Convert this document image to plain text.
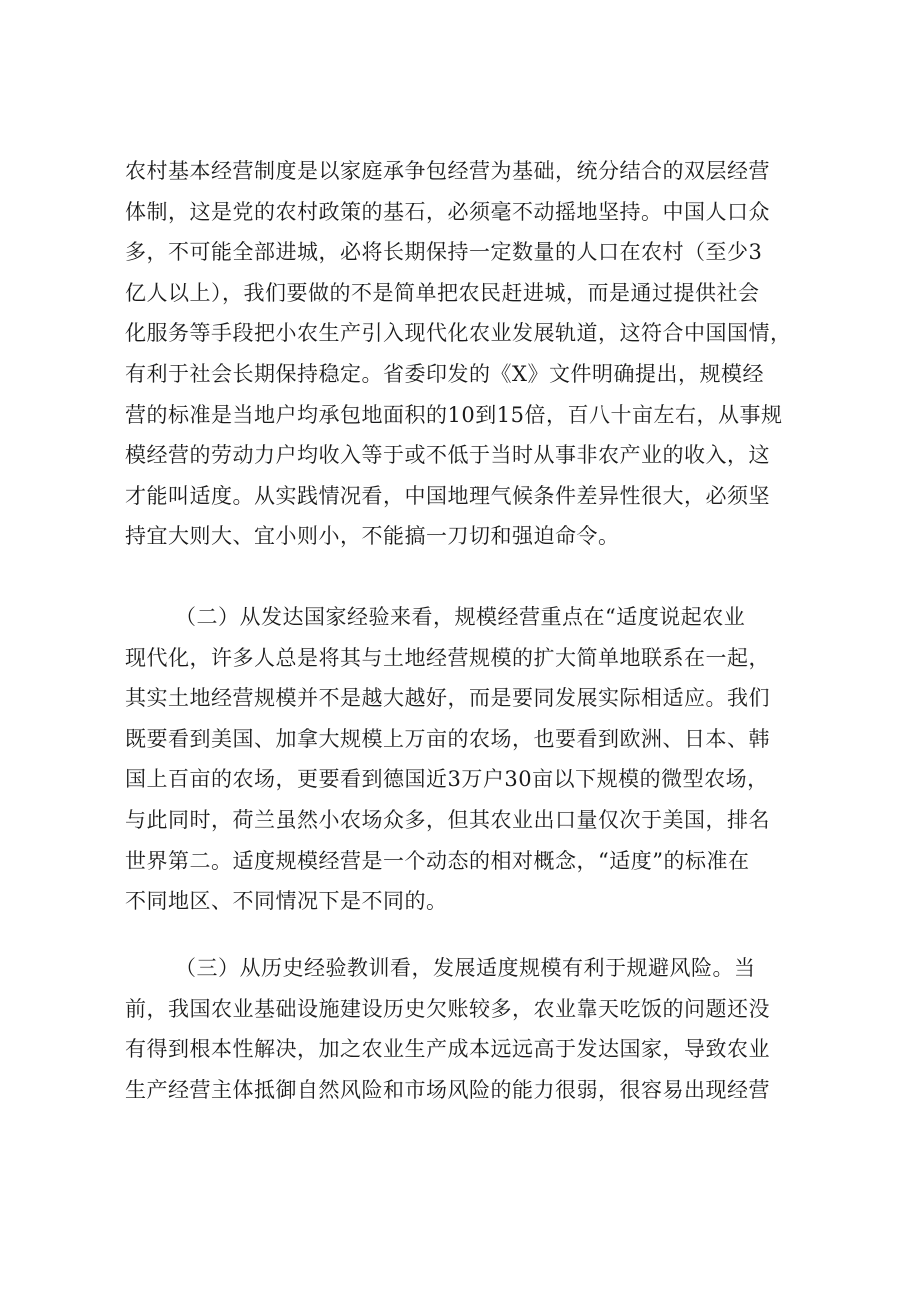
农村基本经营制度是以家庭承争包经营为基础，统分结合的双层经营
体制，这是党的农村政策的基石，必须毫不动摇地坚持。中国人口众
多，不可能全部进城，必将长期保持一定数量的人口在农村（至少3
亿人以上），我们要做的不是简单把农民赶进城，而是通过提供社会
化服务等手段把小农生产引入现代化农业发展轨道，这符合中国国情，
有利于社会长期保持稳定。省委印发的《X》文件明确提出，规模经
营的标准是当地户均承包地面积的10到15倍，百八十亩左右，从事规
模经营的劳动力户均收入等于或不低于当时从事非农产业的收入，这
才能叫适度。从实践情况看，中国地理气候条件差异性很大，必须坚
持宜大则大、宜小则小，不能搞一刀切和强迫命令。
（二）从发达国家经验来看，规模经营重点在“适度说起农业
现代化，许多人总是将其与土地经营规模的扩大简单地联系在一起，
其实土地经营规模并不是越大越好，而是要同发展实际相适应。我们
既要看到美国、加拿大规模上万亩的农场，也要看到欧洲、日本、韩
国上百亩的农场，更要看到德国近3万户30亩以下规模的微型农场，
与此同时，荷兰虽然小农场众多，但其农业出口量仅次于美国，排名
世界第二。适度规模经营是一个动态的相对概念，“适度”的标准在
不同地区、不同情况下是不同的。
（三）从历史经验教训看，发展适度规模有利于规避风险。当
前，我国农业基础设施建设历史欠账较多，农业靠天吃饭的问题还没
有得到根本性解决，加之农业生产成本远远高于发达国家，导致农业
生产经营主体抵御自然风险和市场风险的能力很弱，很容易出现经营
